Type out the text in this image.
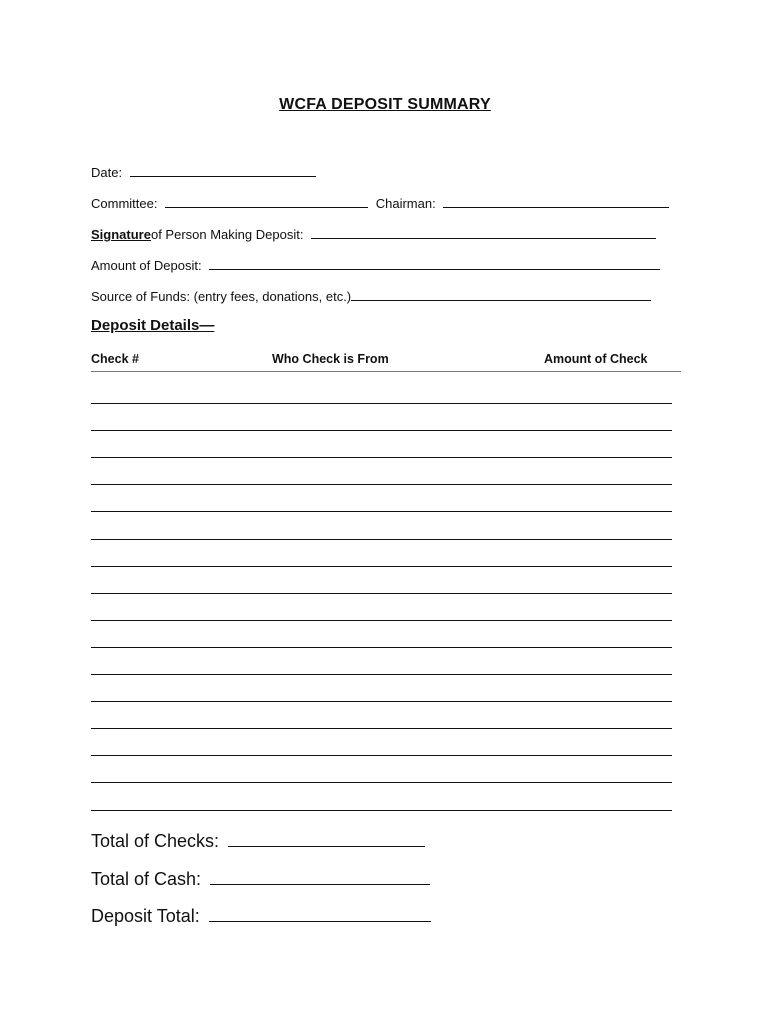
WCFA DEPOSIT SUMMARY
Date:
Committee:	Chairman:
Signatureof Person Making Deposit:
Amount of Deposit:
Source of Funds: (entry fees, donations, etc.)
Deposit Details—
Check #	Who Check is From	Amount of Check
Total of Checks:
Total of Cash:
Deposit Total:
